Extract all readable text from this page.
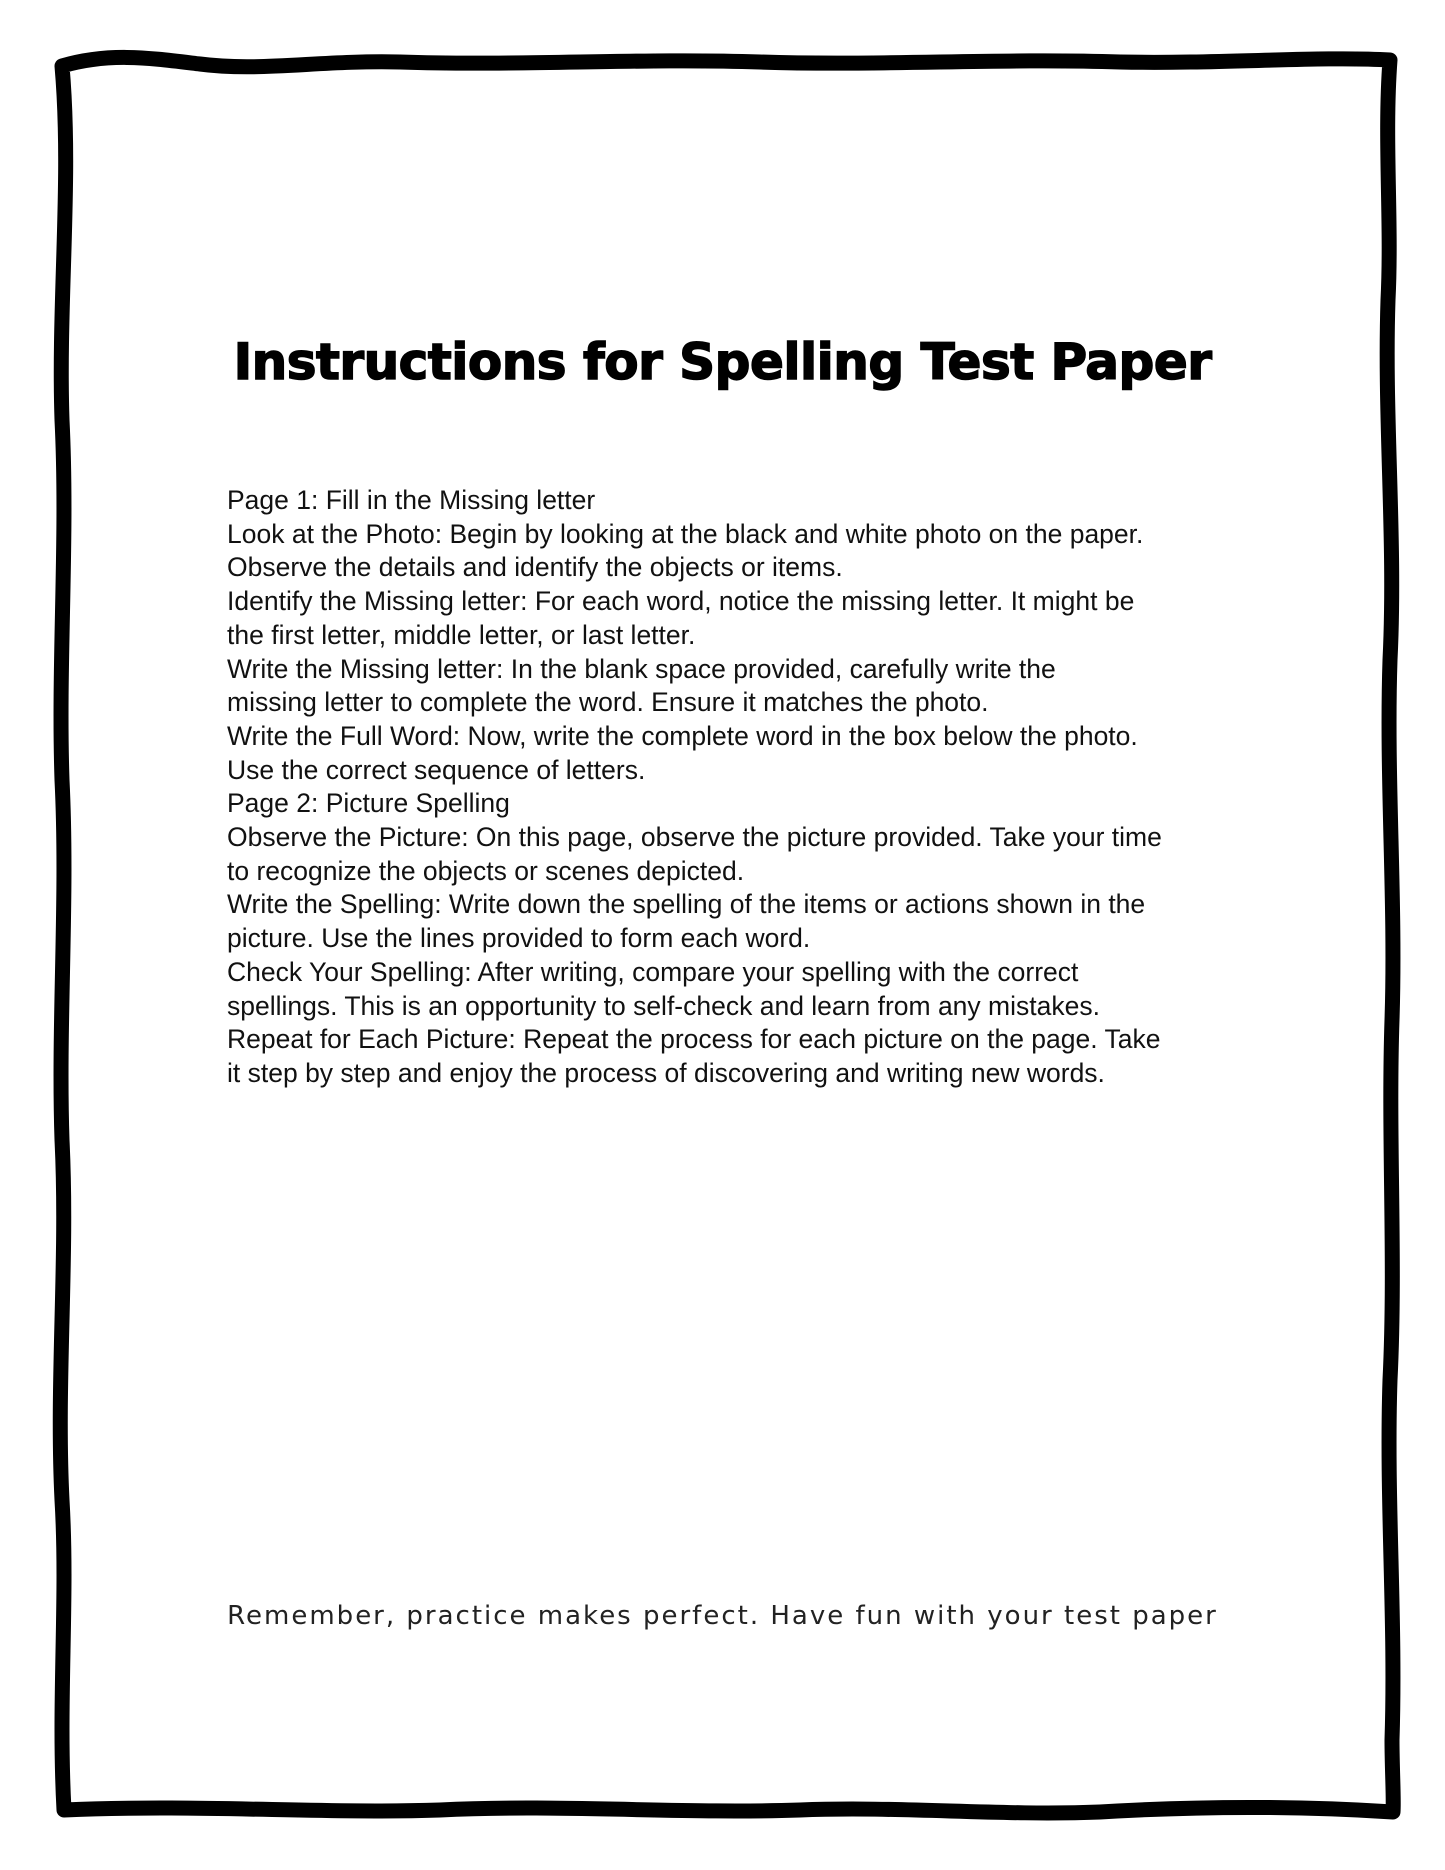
Instructions for Spelling Test Paper
Page 1: Fill in the Missing letter
Look at the Photo: Begin by looking at the black and white photo on the paper.
Observe the details and identify the objects or items.
Identify the Missing letter: For each word, notice the missing letter. It might be
the first letter, middle letter, or last letter.
Write the Missing letter: In the blank space provided, carefully write the
missing letter to complete the word. Ensure it matches the photo.
Write the Full Word: Now, write the complete word in the box below the photo.
Use the correct sequence of letters.
Page 2: Picture Spelling
Observe the Picture: On this page, observe the picture provided. Take your time
to recognize the objects or scenes depicted.
Write the Spelling: Write down the spelling of the items or actions shown in the
picture. Use the lines provided to form each word.
Check Your Spelling: After writing, compare your spelling with the correct
spellings. This is an opportunity to self-check and learn from any mistakes.
Repeat for Each Picture: Repeat the process for each picture on the page. Take
it step by step and enjoy the process of discovering and writing new words.

Remember, practice makes perfect. Have fun with your test paper
